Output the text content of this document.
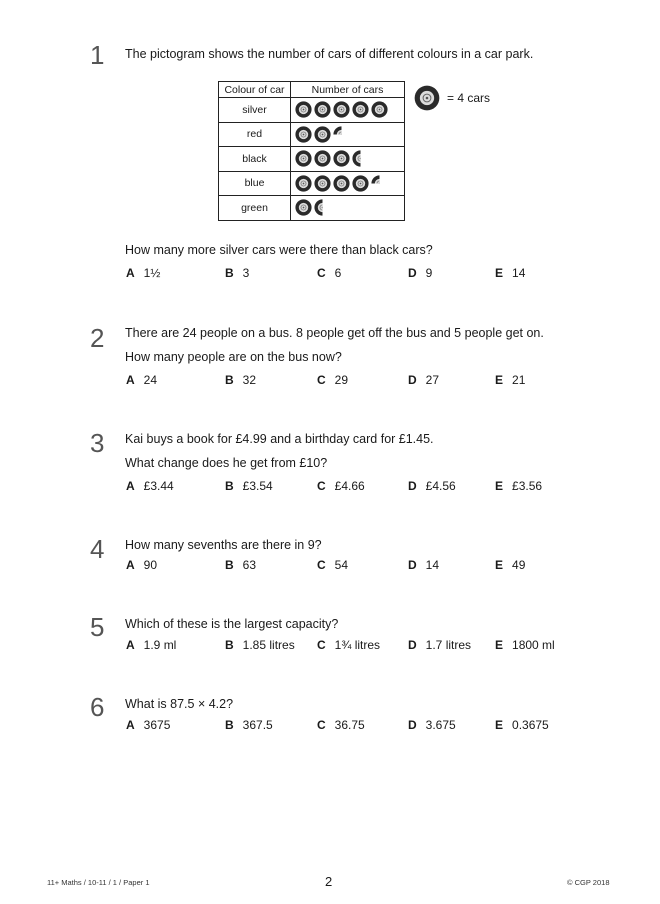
1 The pictogram shows the number of cars of different colours in a car park.
Colour of car	Number of cars
silver	
red	
black	
blue	
green	
= 4 cars
How many more silver cars were there than black cars?
A 1½	B 3	C 6	D 9	E 14
2 There are 24 people on a bus. 8 people get off the bus and 5 people get on.
How many people are on the bus now?
A 24	B 32	C 29	D 27	E 21
3 Kai buys a book for £4.99 and a birthday card for £1.45.
What change does he get from £10?
A £3.44	B £3.54	C £4.66	D £4.56	E £3.56
4 How many sevenths are there in 9?
A 90	B 63	C 54	D 14	E 49
5 Which of these is the largest capacity?
A 1.9 ml	B 1.85 litres C 1¾ litres D 1.7 litres E 1800 ml
6 What is 87.5 × 4.2?
A 3675	B 367.5	C 36.75	D 3.675	E 0.3675
11+ Maths / 10-11 / 1 / Paper 1	2	© CGP 2018
